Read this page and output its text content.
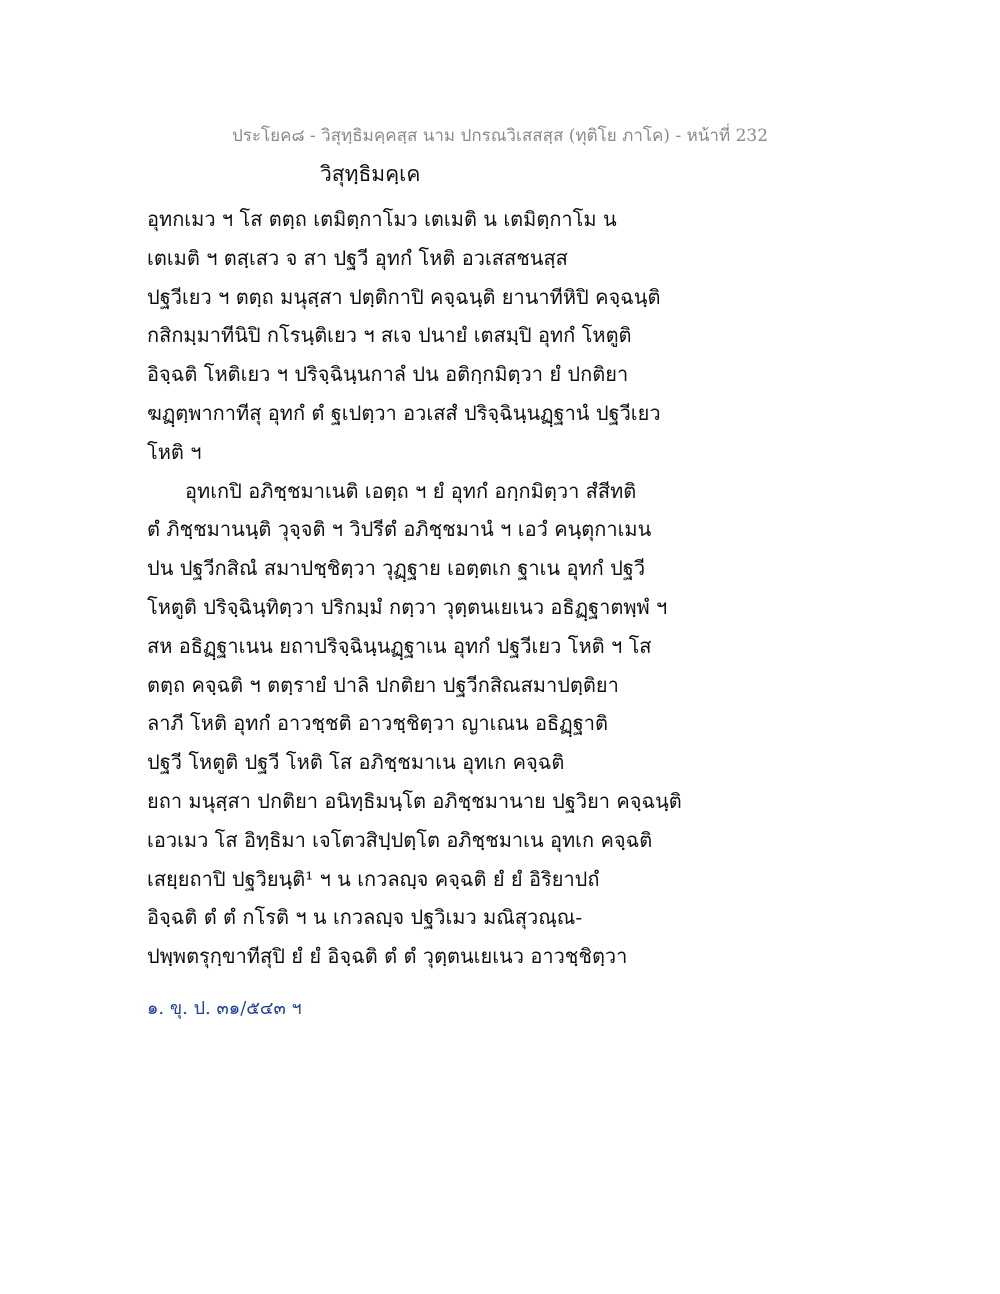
ประโยค๘ - วิสุทฺธิมคฺคสฺส นาม ปกรณวิเสสสฺส (ทุติโย ภาโค) - หน้าที่ 232
วิสุทฺธิมคฺเค
อุทกเมว ฯ โส ตตฺถ เตมิตฺกาโมว เตเมติ น เตมิตฺกาโม น
เตเมติ ฯ ตสฺเสว จ สา ปฐวี อุทกํ โหติ อวเสสชนสฺส
ปฐวีเยว ฯ ตตฺถ มนุสฺสา ปตฺติกาปิ คจฺฉนฺติ ยานาทีหิปิ คจฺฉนฺติ
กสิกมฺมาทีนิปิ กโรนฺติเยว ฯ สเจ ปนายํ เตสมฺปิ อุทกํ โหตูติ
อิจฺฉติ โหติเยว ฯ ปริจฺฉินฺนกาลํ ปน อติกฺกมิตฺวา ยํ ปกติยา
ฆฏฺตฺพากาทีสุ อุทกํ ตํ ฐเปตฺวา อวเสสํ ปริจฺฉินฺนฏฺฐานํ ปฐวีเยว
โหติ ฯ
อุทเกปิ อภิชฺชมาเนติ เอตฺถ ฯ ยํ อุทกํ อกฺกมิตฺวา สํสีทติ
ตํ ภิชฺชมานนฺติ วุจฺจติ ฯ วิปรีตํ อภิชฺชมานํ ฯ เอวํ คนฺตุกาเมน
ปน ปฐวีกสิณํ สมาปชฺชิตฺวา วุฏฺฐาย เอตฺตเก ฐาเน อุทกํ ปฐวี
โหตูติ ปริจฺฉินฺทิตฺวา ปริกมฺมํ กตฺวา วุตฺตนเยเนว อธิฏฺฐาตพฺพํ ฯ
สห อธิฏฺฐาเนน ยถาปริจฺฉินฺนฏฺฐาเน อุทกํ ปฐวีเยว โหติ ฯ โส
ตตฺถ คจฺฉติ ฯ ตตฺรายํ ปาลิ ปกติยา ปฐวีกสิณสมาปตฺติยา
ลาภี โหติ อุทกํ อาวชฺชติ อาวชฺชิตฺวา ญาเณน อธิฏฺฐาติ
ปฐวี โหตูติ ปฐวี โหติ โส อภิชฺชมาเน อุทเก คจฺฉติ
ยถา มนุสฺสา ปกติยา อนิทฺธิมนฺโต อภิชฺชมานาย ปฐวิยา คจฺฉนฺติ
เอวเมว โส อิทฺธิมา เจโตวสิปฺปตฺโต อภิชฺชมาเน อุทเก คจฺฉติ
เสยฺยถาปิ ปฐวิยนฺติ¹ ฯ น เกวลญฺจ คจฺฉติ ยํ ยํ อิริยาปถํ
อิจฺฉติ ตํ ตํ กโรติ ฯ น เกวลญฺจ ปฐวิเมว มณิสุวณฺณ-
ปพฺพตรุกฺขาทีสุปิ ยํ ยํ อิจฺฉติ ตํ ตํ วุตฺตนเยเนว อาวชฺชิตฺวา
๑. ขุ. ป. ๓๑/๕๔๓ ฯ
